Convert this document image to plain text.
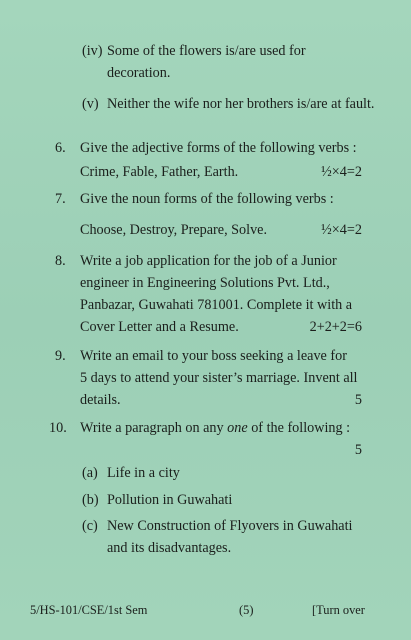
(iv) Some of the flowers is/are used for
decoration.
(v) Neither the wife nor her brothers is/are at fault.
6. Give the adjective forms of the following verbs :
Crime, Fable, Father, Earth.	½×4=2
7. Give the noun forms of the following verbs :
Choose, Destroy, Prepare, Solve.	½×4=2
8. Write a job application for the job of a Junior
engineer in Engineering Solutions Pvt. Ltd.,
Panbazar, Guwahati 781001. Complete it with a
Cover Letter and a Resume.	2+2+2=6
9. Write an email to your boss seeking a leave for
5 days to attend your sister’s marriage. Invent all
details.	5
10. Write a paragraph on any one of the following :
5
(a) Life in a city
(b) Pollution in Guwahati
(c) New Construction of Flyovers in Guwahati
and its disadvantages.
5/HS-101/CSE/1st Sem	(5)	[Turn over
